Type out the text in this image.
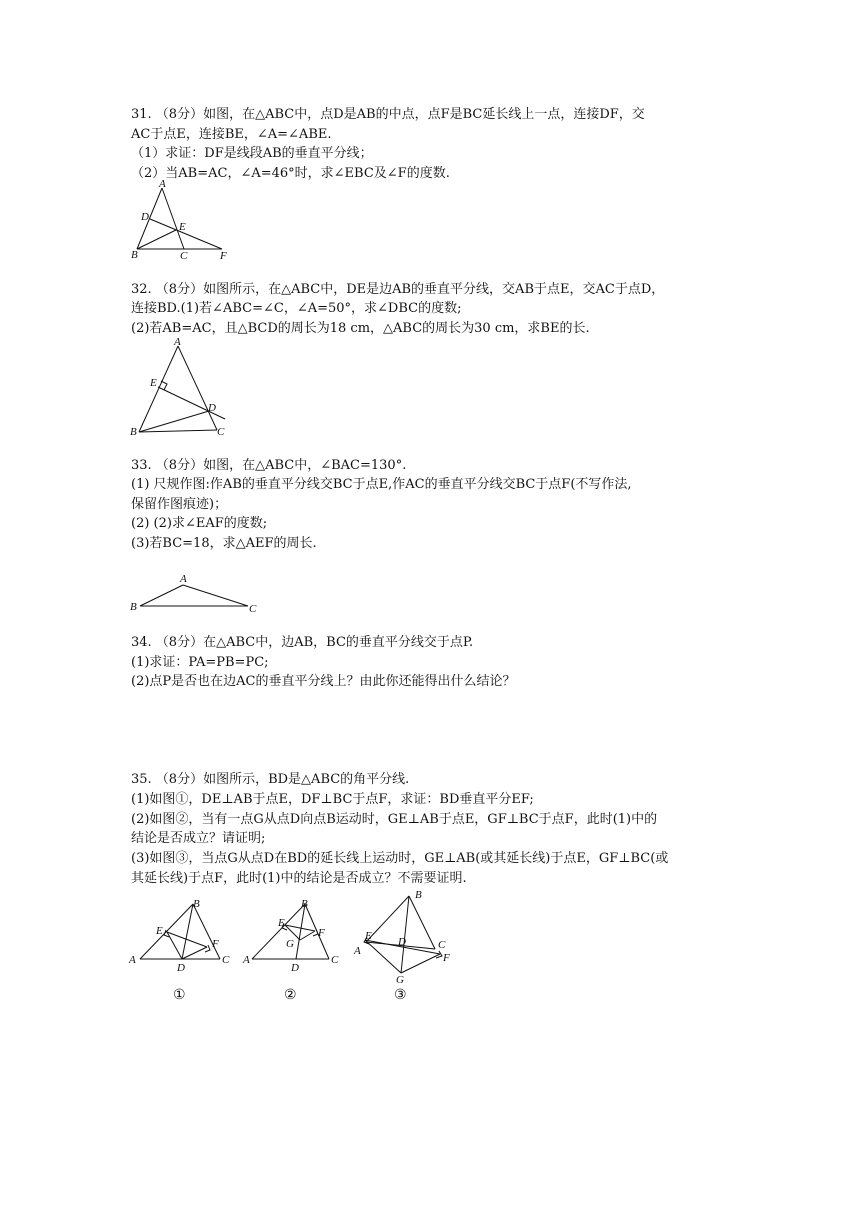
31. （8分）如图，在△ABC中，点D是AB的中点，点F是BC延长线上一点，连接DF，交
AC于点E，连接BE，∠A=∠ABE.
（1）求证：DF是线段AB的垂直平分线；
（2）当AB=AC，∠A=46°时，求∠EBC及∠F的度数.
A
D
E
B	C	F
32. （8分）如图所示，在△ABC中，DE是边AB的垂直平分线，交AB于点E，交AC于点D，
连接BD.(1)若∠ABC=∠C，∠A=50°，求∠DBC的度数;
(2)若AB=AC，且△BCD的周长为18 cm，△ABC的周长为30 cm，求BE的长.
A
E
D
B	C
33. （8分）如图，在△ABC中，∠BAC=130°.
(1) 尺规作图:作AB的垂直平分线交BC于点E,作AC的垂直平分线交BC于点F(不写作法,
保留作图痕迹)；
(2) (2)求∠EAF的度数;
(3)若BC=18，求△AEF的周长.
A
B	C
34. （8分）在△ABC中，边AB，BC的垂直平分线交于点P.
(1)求证：PA=PB=PC;
(2)点P是否也在边AC的垂直平分线上？由此你还能得出什么结论？
35. （8分）如图所示，BD是△ABC的角平分线.
(1)如图①，DE⊥AB于点E，DF⊥BC于点F，求证：BD垂直平分EF;
(2)如图②，当有一点G从点D向点B运动时，GE⊥AB于点E，GF⊥BC于点F，此时(1)中的
结论是否成立？请证明;
(3)如图③，当点G从点D在BD的延长线上运动时，GE⊥AB(或其延长线)于点E，GF⊥BC(或
其延长线)于点F，此时(1)中的结论是否成立？不需要证明.
B
E
F
A
D
C
B
E
G
F
A
D
C
B
E D	C
A
F
G
①	②	③
